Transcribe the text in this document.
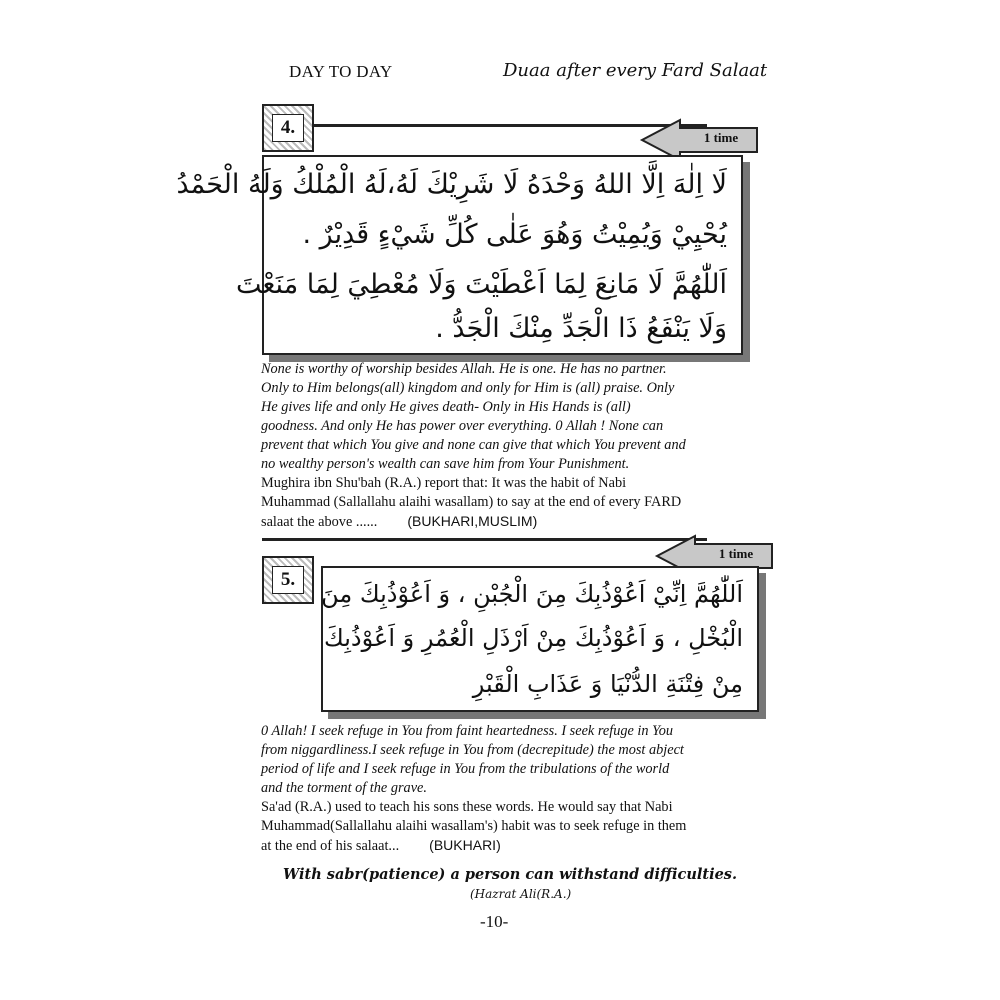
DAY TO DAY	Duaa after every Fard Salaat
4.	1 time
لَا اِلٰهَ اِلَّا اللهُ وَحْدَهُ لَا شَرِيْكَ لَهُ،لَهُ الْمُلْكُ وَلَهُ الْحَمْدُ
يُحْيِيْ وَيُمِيْتُ وَهُوَ عَلٰى كُلِّ شَيْءٍ قَدِيْرٌ .
اَللّٰهُمَّ لَا مَانِعَ لِمَا اَعْطَيْتَ وَلَا مُعْطِيَ لِمَا مَنَعْتَ
وَلَا يَنْفَعُ ذَا الْجَدِّ مِنْكَ الْجَدُّ .
None is worthy of worship besides Allah. He is one. He has no partner.
Only to Him belongs(all) kingdom and only for Him is (all) praise. Only
He gives life and only He gives death- Only in His Hands is (all)
goodness. And only He has power over everything. 0 Allah ! None can
prevent that which You give and none can give that which You prevent and
no wealthy person's wealth can save him from Your Punishment.
Mughira ibn Shu'bah (R.A.) report that: It was the habit of Nabi
Muhammad (Sallallahu alaihi wasallam) to say at the end of every FARD
salaat the above ...... (BUKHARI,MUSLIM)
5.
1 time
اَللّٰهُمَّ اِنِّيْ اَعُوْذُبِكَ مِنَ الْجُبْنِ ، وَ اَعُوْذُبِكَ مِنَ
الْبُخْلِ ، وَ اَعُوْذُبِكَ مِنْ اَرْذَلِ الْعُمُرِ وَ اَعُوْذُبِكَ
مِنْ فِتْنَةِ الدُّنْيَا وَ عَذَابِ الْقَبْرِ
0 Allah! I seek refuge in You from faint heartedness. I seek refuge in You
from niggardliness.I seek refuge in You from (decrepitude) the most abject
period of life and I seek refuge in You from the tribulations of the world
and the torment of the grave.
Sa'ad (R.A.) used to teach his sons these words. He would say that Nabi
Muhammad(Sallallahu alaihi wasallam's) habit was to seek refuge in them
at the end of his salaat... (BUKHARI)
With sabr(patience) a person can withstand difficulties.
(Hazrat Ali(R.A.)
-10-
